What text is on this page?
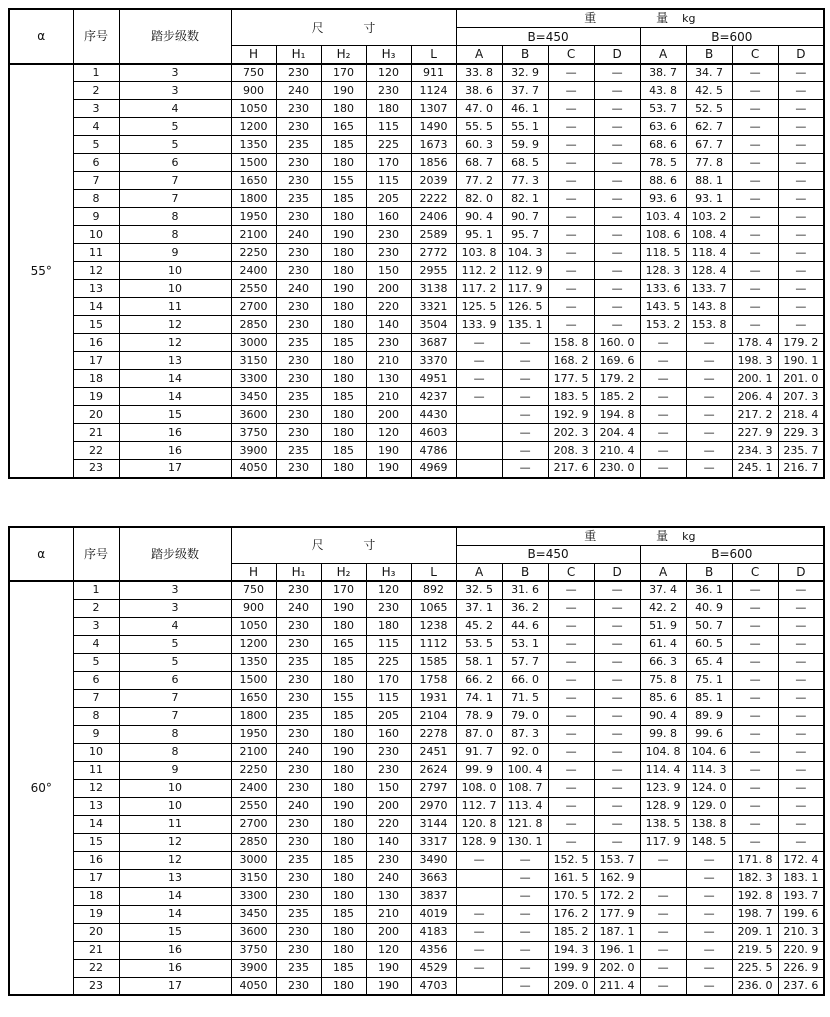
α	序号	踏步级数	尺 寸					重 量 kg							
								B=450				B=600			
			H	H₁	H₂	H₃	L	A	B	C	D	A	B	C	D
55°	1	3	750	230	170	120	911	33. 8	32. 9	—	—	38. 7	34. 7	—	—
	2	3	900	240	190	230	1124	38. 6	37. 7	—	—	43. 8	42. 5	—	—
	3	4	1050	230	180	180	1307	47. 0	46. 1	—	—	53. 7	52. 5	—	—
	4	5	1200	230	165	115	1490	55. 5	55. 1	—	—	63. 6	62. 7	—	—
	5	5	1350	235	185	225	1673	60. 3	59. 9	—	—	68. 6	67. 7	—	—
	6	6	1500	230	180	170	1856	68. 7	68. 5	—	—	78. 5	77. 8	—	—
	7	7	1650	230	155	115	2039	77. 2	77. 3	—	—	88. 6	88. 1	—	—
	8	7	1800	235	185	205	2222	82. 0	82. 1	—	—	93. 6	93. 1	—	—
	9	8	1950	230	180	160	2406	90. 4	90. 7	—	—	103. 4	103. 2	—	—
	10	8	2100	240	190	230	2589	95. 1	95. 7	—	—	108. 6	108. 4	—	—
	11	9	2250	230	180	230	2772	103. 8	104. 3	—	—	118. 5	118. 4	—	—
	12	10	2400	230	180	150	2955	112. 2	112. 9	—	—	128. 3	128. 4	—	—
	13	10	2550	240	190	200	3138	117. 2	117. 9	—	—	133. 6	133. 7	—	—
	14	11	2700	230	180	220	3321	125. 5	126. 5	—	—	143. 5	143. 8	—	—
	15	12	2850	230	180	140	3504	133. 9	135. 1	—	—	153. 2	153. 8	—	—
	16	12	3000	235	185	230	3687	—	—	158. 8	160. 0	—	—	178. 4	179. 2
	17	13	3150	230	180	210	3370	—	—	168. 2	169. 6	—	—	198. 3	190. 1
	18	14	3300	230	180	130	4951	—	—	177. 5	179. 2	—	—	200. 1	201. 0
	19	14	3450	235	185	210	4237	—	—	183. 5	185. 2	—	—	206. 4	207. 3
	20	15	3600	230	180	200	4430		—	192. 9	194. 8	—	—	217. 2	218. 4
	21	16	3750	230	180	120	4603		—	202. 3	204. 4	—	—	227. 9	229. 3
	22	16	3900	235	185	190	4786		—	208. 3	210. 4	—	—	234. 3	235. 7
	23	17	4050	230	180	190	4969		—	217. 6	230. 0	—	—	245. 1	216. 7
α	序号	踏步级数	尺 寸					重 量 kg							
								B=450				B=600			
			H	H₁	H₂	H₃	L	A	B	C	D	A	B	C	D
60°	1	3	750	230	170	120	892	32. 5	31. 6	—	—	37. 4	36. 1	—	—
	2	3	900	240	190	230	1065	37. 1	36. 2	—	—	42. 2	40. 9	—	—
	3	4	1050	230	180	180	1238	45. 2	44. 6	—	—	51. 9	50. 7	—	—
	4	5	1200	230	165	115	1112	53. 5	53. 1	—	—	61. 4	60. 5	—	—
	5	5	1350	235	185	225	1585	58. 1	57. 7	—	—	66. 3	65. 4	—	—
	6	6	1500	230	180	170	1758	66. 2	66. 0	—	—	75. 8	75. 1	—	—
	7	7	1650	230	155	115	1931	74. 1	71. 5	—	—	85. 6	85. 1	—	—
	8	7	1800	235	185	205	2104	78. 9	79. 0	—	—	90. 4	89. 9	—	—
	9	8	1950	230	180	160	2278	87. 0	87. 3	—	—	99. 8	99. 6	—	—
	10	8	2100	240	190	230	2451	91. 7	92. 0	—	—	104. 8	104. 6	—	—
	11	9	2250	230	180	230	2624	99. 9	100. 4	—	—	114. 4	114. 3	—	—
	12	10	2400	230	180	150	2797	108. 0	108. 7	—	—	123. 9	124. 0	—	—
	13	10	2550	240	190	200	2970	112. 7	113. 4	—	—	128. 9	129. 0	—	—
	14	11	2700	230	180	220	3144	120. 8	121. 8	—	—	138. 5	138. 8	—	—
	15	12	2850	230	180	140	3317	128. 9	130. 1	—	—	117. 9	148. 5	—	—
	16	12	3000	235	185	230	3490	—	—	152. 5	153. 7	—	—	171. 8	172. 4
	17	13	3150	230	180	240	3663		—	161. 5	162. 9		—	182. 3	183. 1
	18	14	3300	230	180	130	3837		—	170. 5	172. 2	—	—	192. 8	193. 7
	19	14	3450	235	185	210	4019	—	—	176. 2	177. 9	—	—	198. 7	199. 6
	20	15	3600	230	180	200	4183	—	—	185. 2	187. 1	—	—	209. 1	210. 3
	21	16	3750	230	180	120	4356	—	—	194. 3	196. 1	—	—	219. 5	220. 9
	22	16	3900	235	185	190	4529	—	—	199. 9	202. 0	—	—	225. 5	226. 9
	23	17	4050	230	180	190	4703		—	209. 0	211. 4	—	—	236. 0	237. 6
